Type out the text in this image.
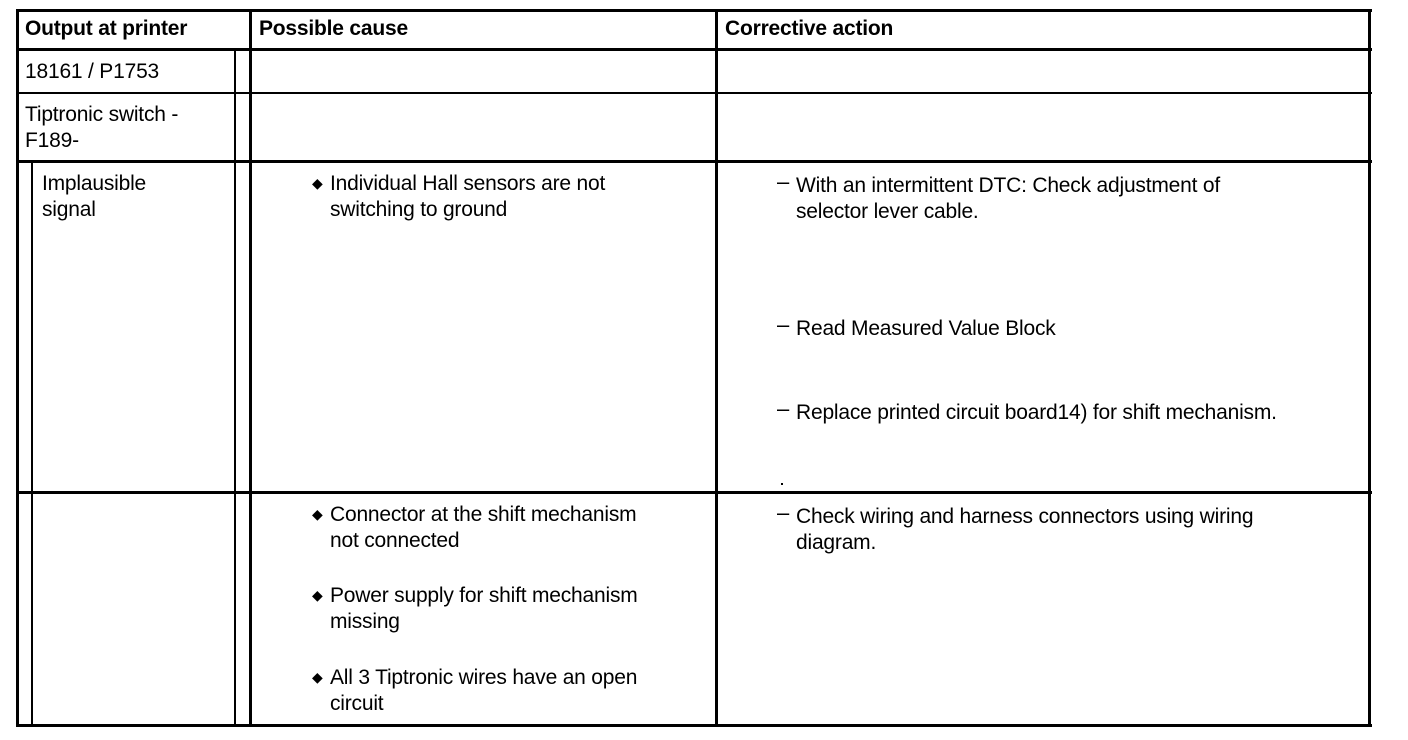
Output at printer	Possible cause	Corrective action
18161 / P1753
Tiptronic switch -
F189-
Implausible
signal
◆ Individual Hall sensors are not
switching to ground
– With an intermittent DTC: Check adjustment of
selector lever cable.
– Read Measured Value Block
– Replace printed circuit board14) for shift mechanism.
◆ Connector at the shift mechanism
not connected
◆ Power supply for shift mechanism
missing
◆ All 3 Tiptronic wires have an open
circuit
– Check wiring and harness connectors using wiring
diagram.
